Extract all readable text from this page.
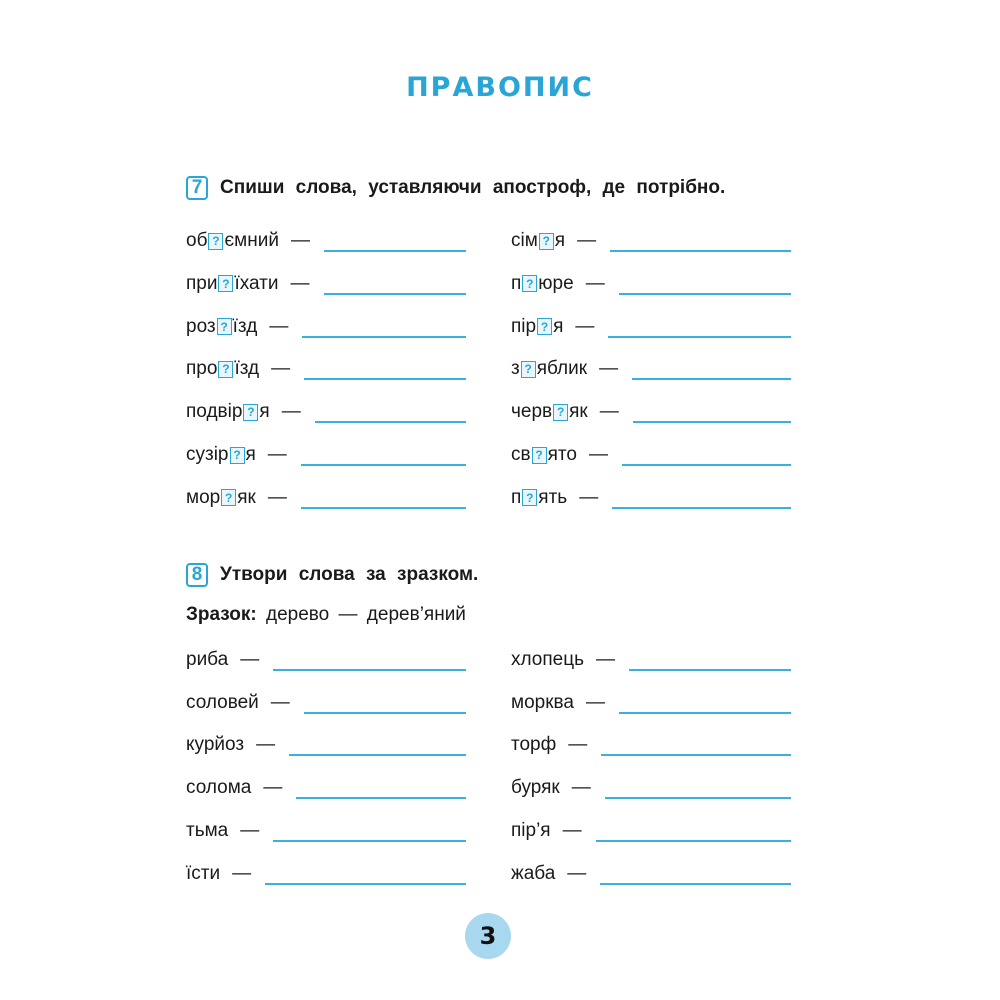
ПРАВОПИС
7 Спиши слова, уставляючи апостроф, де потрібно.
об ? ємний —
при ? їхати —
роз ? їзд —
про ? їзд —
подвір ? я —
сузір ? я —
мор ? як —
сім ? я —
п ? юре —
пір ? я —
з ? яблик —
черв ? як —
св ? ято —
п ? ять —
8 Утвори слова за зразком.
Зразок: дерево — дерев’яний
риба —
соловей —
курйоз —
солома —
тьма —
їсти —
хлопець —
морква —
торф —
буряк —
пір’я —
жаба —
3
